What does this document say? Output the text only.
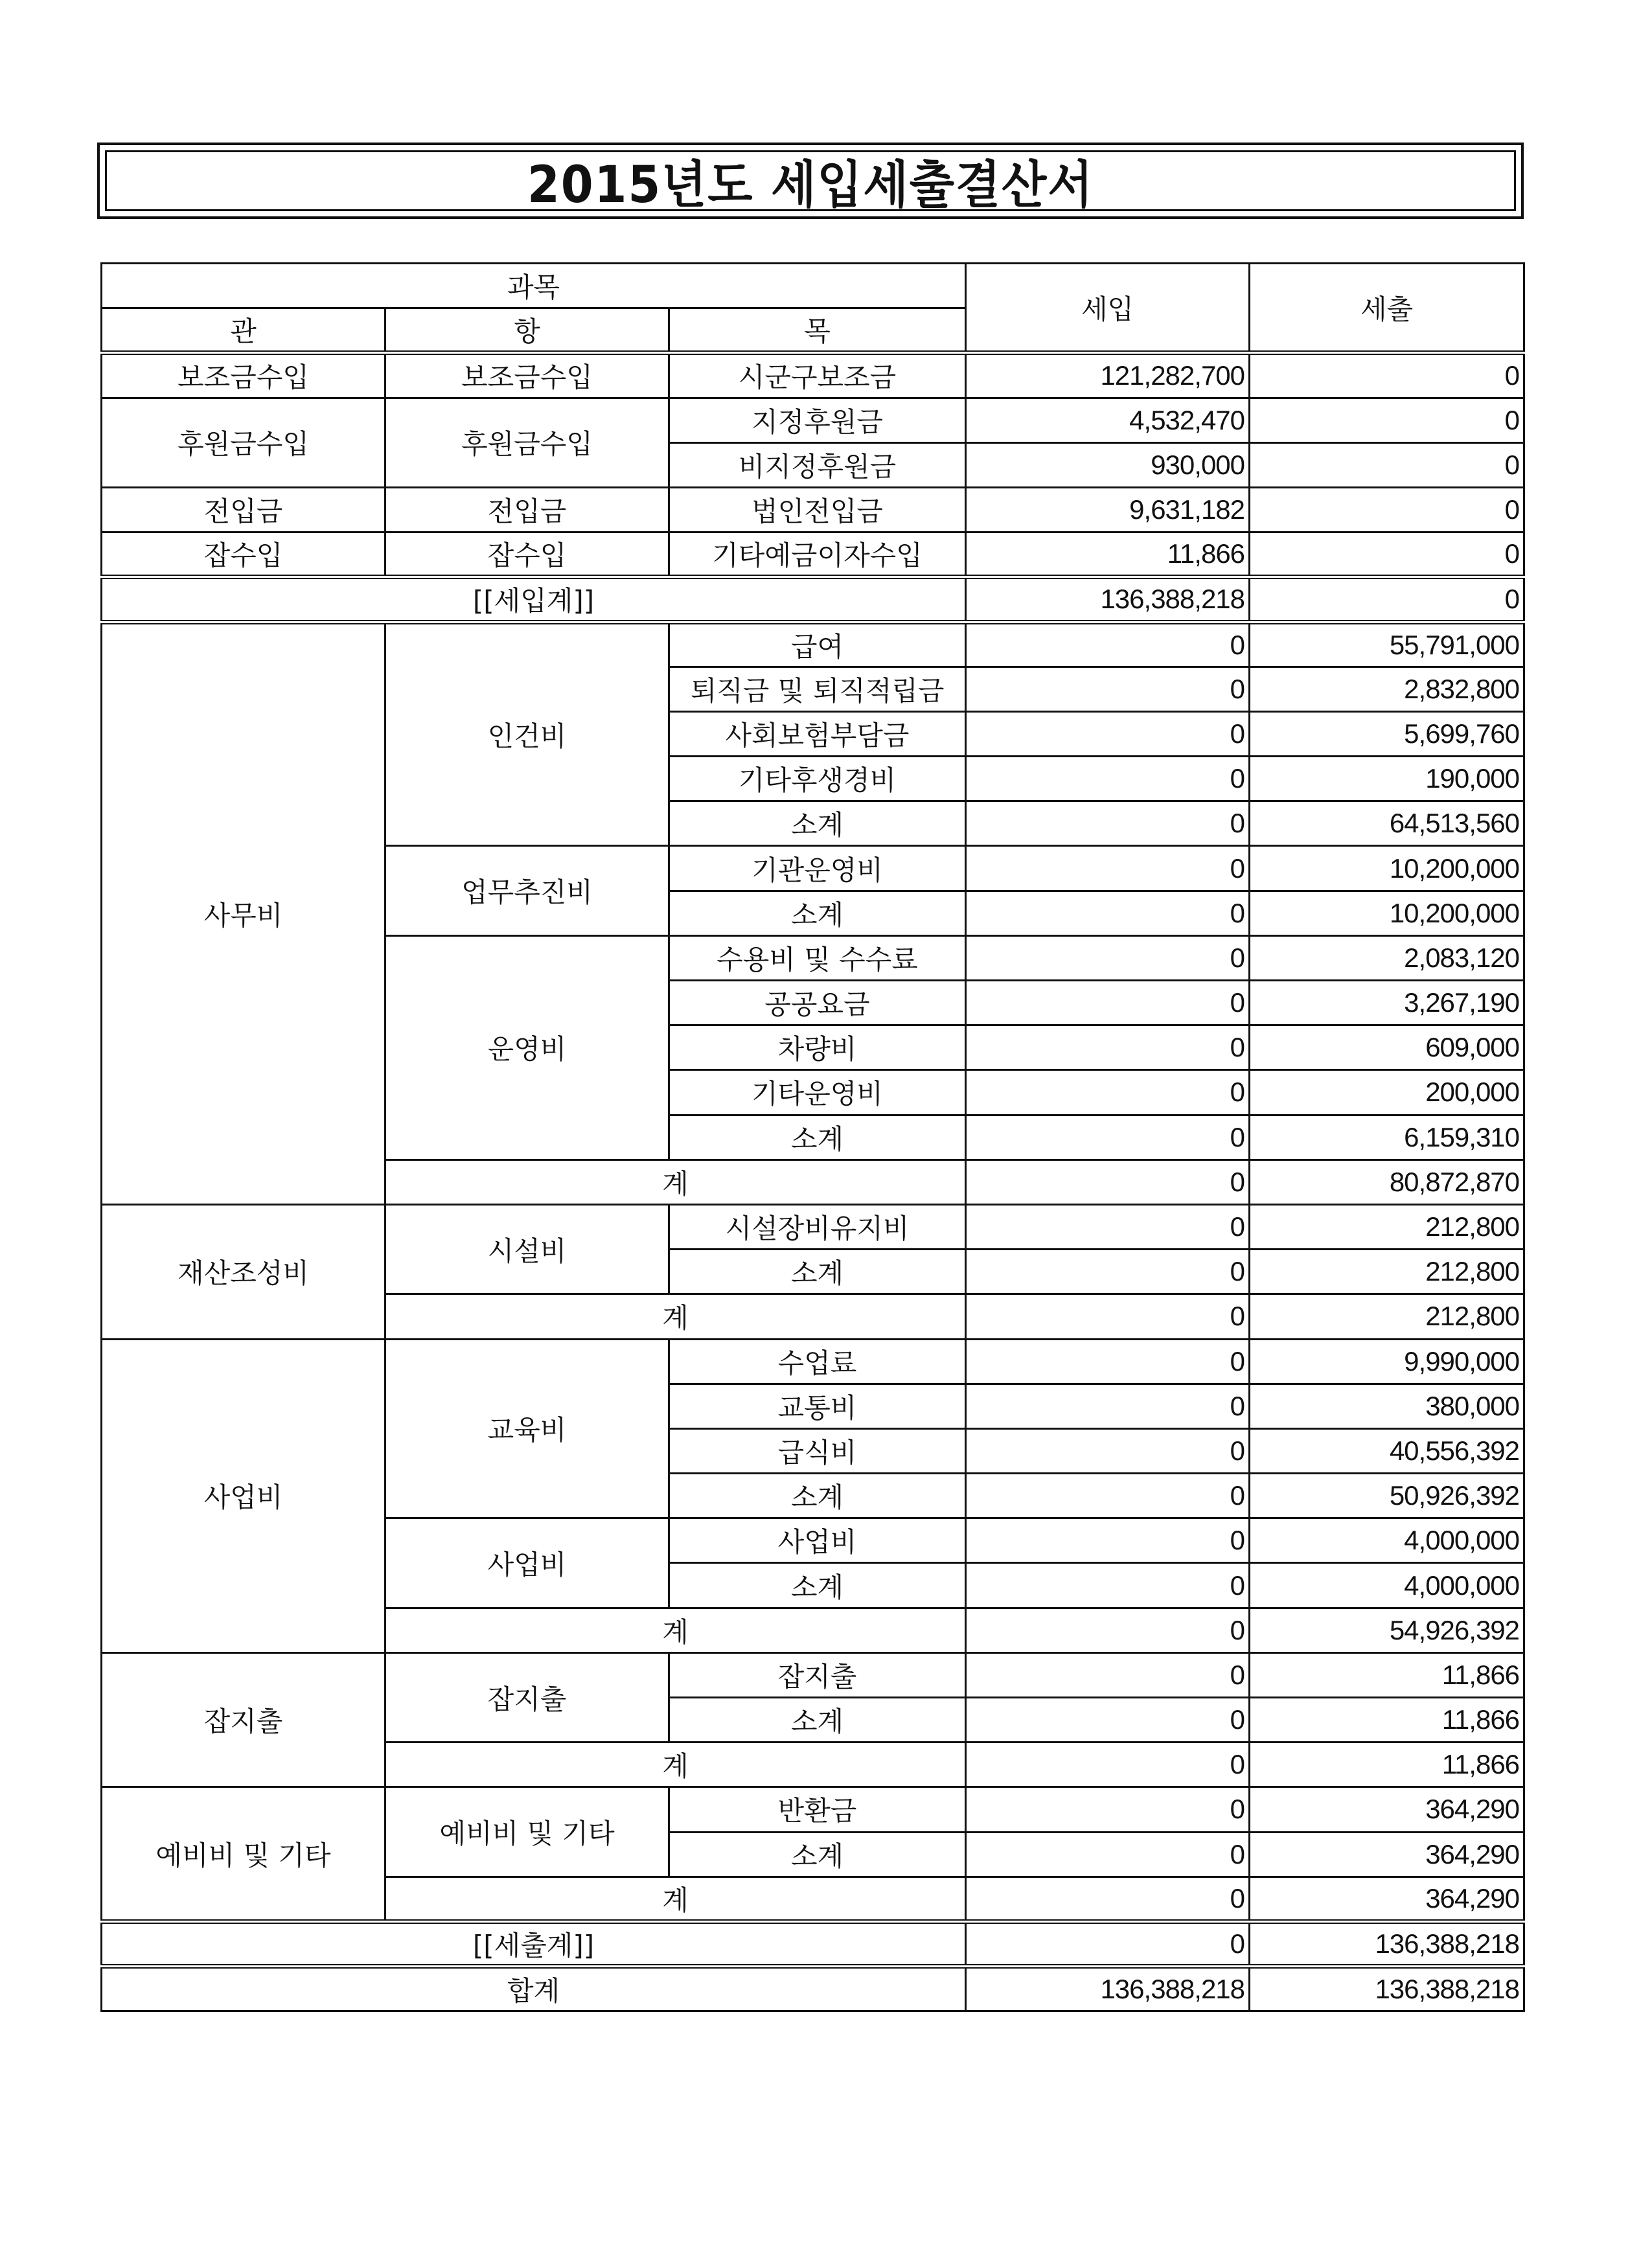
2015년도 세입세출결산서
과목			세입	세출
관	항	목		
보조금수입	보조금수입	시군구보조금	121,282,700	0
후원금수입	후원금수입	지정후원금	4,532,470	0
		비지정후원금	930,000	0
전입금	전입금	법인전입금	9,631,182	0
잡수입	잡수입	기타예금이자수입	11,866	0
[[세입계]]			136,388,218	0
사무비	인건비	급여	0	55,791,000
		퇴직금 및 퇴직적립금	0	2,832,800
		사회보험부담금	0	5,699,760
		기타후생경비	0	190,000
		소계	0	64,513,560
	업무추진비	기관운영비	0	10,200,000
		소계	0	10,200,000
	운영비	수용비 및 수수료	0	2,083,120
		공공요금	0	3,267,190
		차량비	0	609,000
		기타운영비	0	200,000
		소계	0	6,159,310
	계		0	80,872,870
재산조성비	시설비	시설장비유지비	0	212,800
		소계	0	212,800
	계		0	212,800
사업비	교육비	수업료	0	9,990,000
		교통비	0	380,000
		급식비	0	40,556,392
		소계	0	50,926,392
	사업비	사업비	0	4,000,000
		소계	0	4,000,000
	계		0	54,926,392
잡지출	잡지출	잡지출	0	11,866
		소계	0	11,866
	계		0	11,866
예비비 및 기타	예비비 및 기타	반환금	0	364,290
		소계	0	364,290
	계		0	364,290
[[세출계]]			0	136,388,218
합계			136,388,218	136,388,218
